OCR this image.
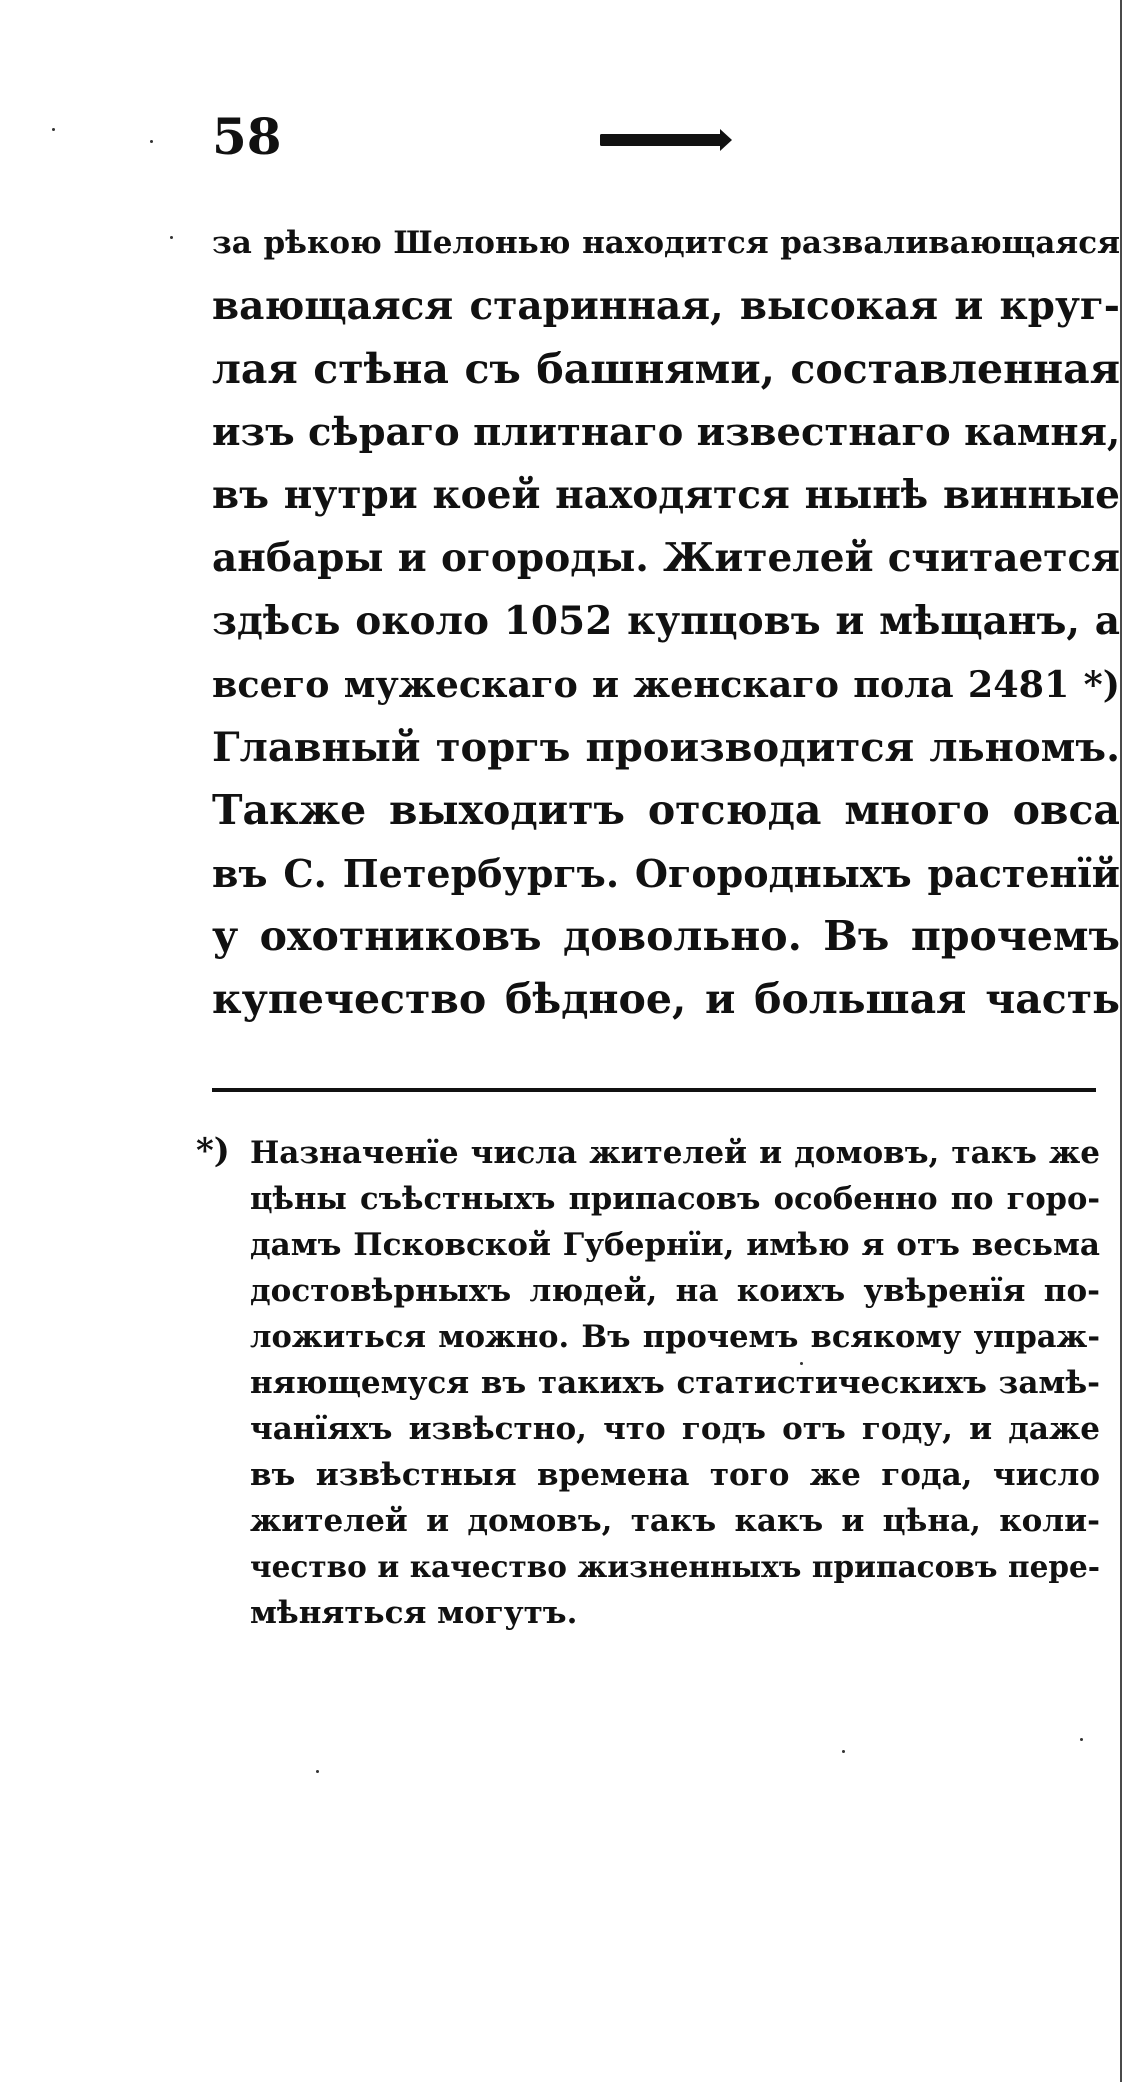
58
за рѣкою Шелонью находится разваливающаяся
вающаяся старинная, высокая и круг-
лая стѣна съ башнями, составленная
изъ сѣраго плитнаго известнаго камня,
въ нутри коей находятся нынѣ винные
анбары и огороды. Жителей считается
здѣсь около 1052 купцовъ и мѣщанъ, а
всего мужескаго и женскаго пола 2481 *)
Главный торгъ производится льномъ.
Также выходитъ отсюда много овса
въ С. Петербургъ. Огородныхъ растенїй
у охотниковъ довольно. Въ прочемъ
купечество бѣдное, и большая часть
*) Назначенїе числа жителей и домовъ, такъ же
цѣны съѣстныхъ припасовъ особенно по горо-
дамъ Псковской Губернїи, имѣю я отъ весьма
достовѣрныхъ людей, на коихъ увѣренїя по-
ложиться можно. Въ прочемъ всякому упраж-
няющемуся въ такихъ статистическихъ замѣ-
чанїяхъ извѣстно, что годъ отъ году, и даже
въ извѣстныя времена того же года, число
жителей и домовъ, такъ какъ и цѣна, коли-
чество и качество жизненныхъ припасовъ пере-
мѣняться могутъ.
